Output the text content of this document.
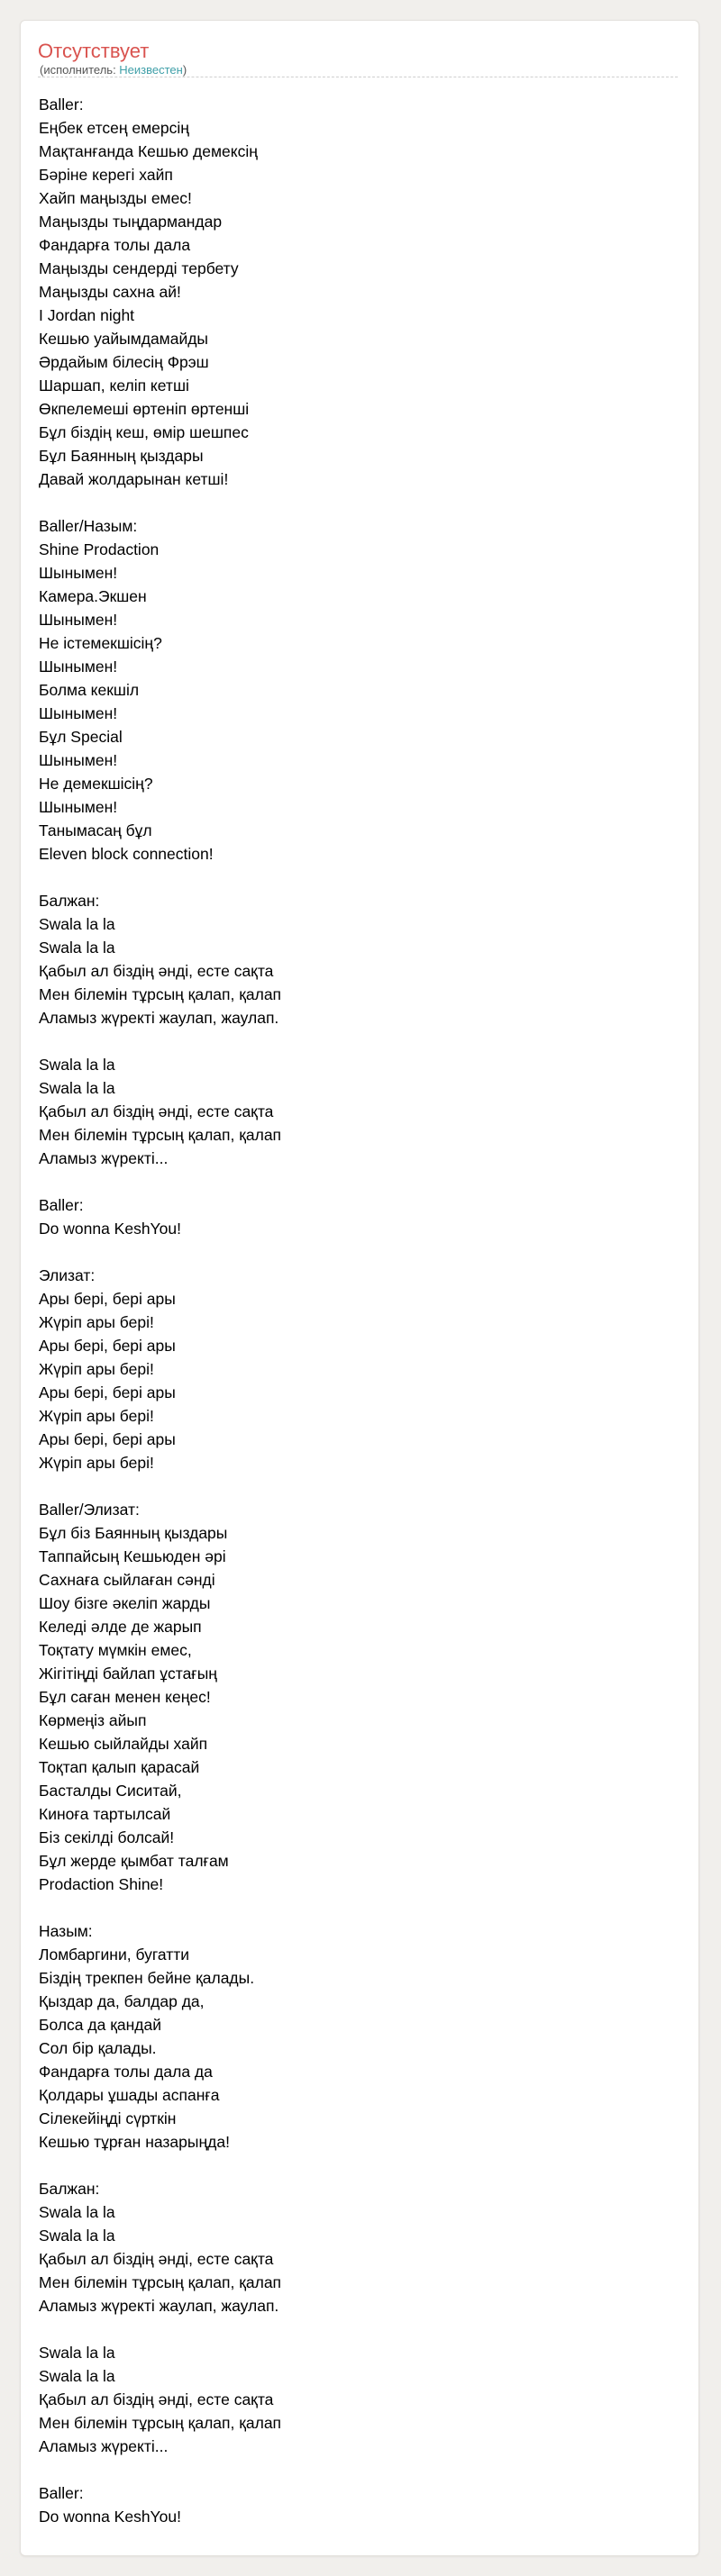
Отсутствует
(исполнитель: Неизвестен)
Baller:
Еңбек етсең емерсің
Мақтанғанда Кешью демексің
Бәріне керегі хайп
Хайп маңызды емес!
Маңызды тыңдармандар
Фандарға толы дала
Маңызды сендерді тербету
Маңызды сахна ай!
I Jordan night
Кешью уайымдамайды
Әрдайым білесің Фрэш
Шаршап, келіп кетші
Өкпелемеші өртеніп өртенші
Бұл біздің кеш, өмір шешпес
Бұл Баянның қыздары
Давай жолдарынан кетші!
Baller/Назым:
Shine Prodaction
Шынымен!
Камера.Экшен
Шынымен!
Не істемекшісің?
Шынымен!
Болма кекшіл
Шынымен!
Бұл Special
Шынымен!
Не демекшісің?
Шынымен!
Танымасаң бұл
Eleven block connection!
Балжан:
Swala la la
Swala la la
Қабыл ал біздің әнді, есте сақта
Мен білемін тұрсың қалап, қалап
Аламыз жүректі жаулап, жаулап.
Swala la la
Swala la la
Қабыл ал біздің әнді, есте сақта
Мен білемін тұрсың қалап, қалап
Аламыз жүректі...
Baller:
Do wonna KeshYou!
Элизат:
Ары бері, бері ары
Жүріп ары бері!
Ары бері, бері ары
Жүріп ары бері!
Ары бері, бері ары
Жүріп ары бері!
Ары бері, бері ары
Жүріп ары бері!
Baller/Элизат:
Бұл біз Баянның қыздары
Таппайсың Кешьюден әрі
Сахнаға сыйлаған сәнді
Шоу бізге әкеліп жарды
Келеді әлде де жарып
Тоқтату мүмкін емес,
Жігітіңді байлап ұстағың
Бұл саған менен кеңес!
Көрмеңіз айып
Кешью сыйлайды хайп
Тоқтап қалып қарасай
Басталды Сиситай,
Киноға тартылсай
Біз секілді болсай!
Бұл жерде қымбат талғам
Prodaction Shine!
Назым:
Ломбаргини, бугатти
Біздің трекпен бейне қалады.
Қыздар да, балдар да,
Болса да қандай
Сол бір қалады.
Фандарға толы дала да
Қолдары ұшады аспанға
Сілекейіңді сүрткін
Кешью тұрған назарыңда!
Балжан:
Swala la la
Swala la la
Қабыл ал біздің әнді, есте сақта
Мен білемін тұрсың қалап, қалап
Аламыз жүректі жаулап, жаулап.
Swala la la
Swala la la
Қабыл ал біздің әнді, есте сақта
Мен білемін тұрсың қалап, қалап
Аламыз жүректі...
Baller:
Do wonna KeshYou!
